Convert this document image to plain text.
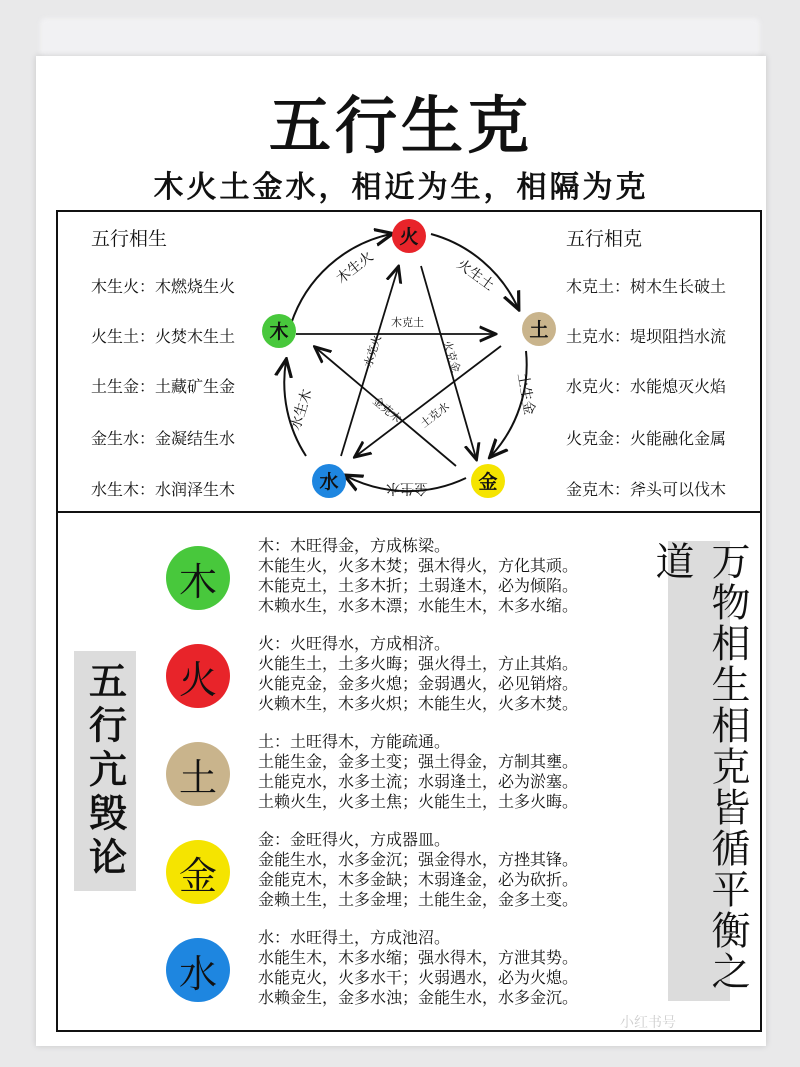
五行生克
木火土金水，相近为生，相隔为克
五行相生
木生火：木燃烧生火
火生土：火焚木生土
土生金：土藏矿生金
金生水：金凝结生水
水生木：水润泽生木
五行相克
木克土：树木生长破土
土克水：堤坝阻挡水流
水克火：水能熄灭火焰
火克金：火能融化金属
金克木：斧头可以伐木
木生火	火生土
土生金
金生水
水生木
木克土
火克金
水克火
金克木 土克水
火
土
金
水
木
五行亢毁论
木
火
土
金
水
木：木旺得金，方成栋梁。
木能生火，火多木焚；强木得火，方化其顽。
木能克土，土多木折；土弱逢木，必为倾陷。
木赖水生，水多木漂；水能生木，木多水缩。
火：火旺得水，方成相济。
火能生土，土多火晦；强火得土，方止其焰。
火能克金，金多火熄；金弱遇火，必见销熔。
火赖木生，木多火炽；木能生火，火多木焚。
土：土旺得木，方能疏通。
土能生金，金多土变；强土得金，方制其壅。
土能克水，水多土流；水弱逢土，必为淤塞。
土赖火生，火多土焦；火能生土，土多火晦。
金：金旺得火，方成器皿。
金能生水，水多金沉；强金得水，方挫其锋。
金能克木，木多金缺；木弱逢金，必为砍折。
金赖土生，土多金埋；土能生金，金多土变。
水：水旺得土，方成池沼。
水能生木，木多水缩；强水得木，方泄其势。
水能克火，火多水干；火弱遇水，必为火熄。
水赖金生，金多水浊；金能生水，水多金沉。
万物相生相克皆循平衡之道
小红书号
